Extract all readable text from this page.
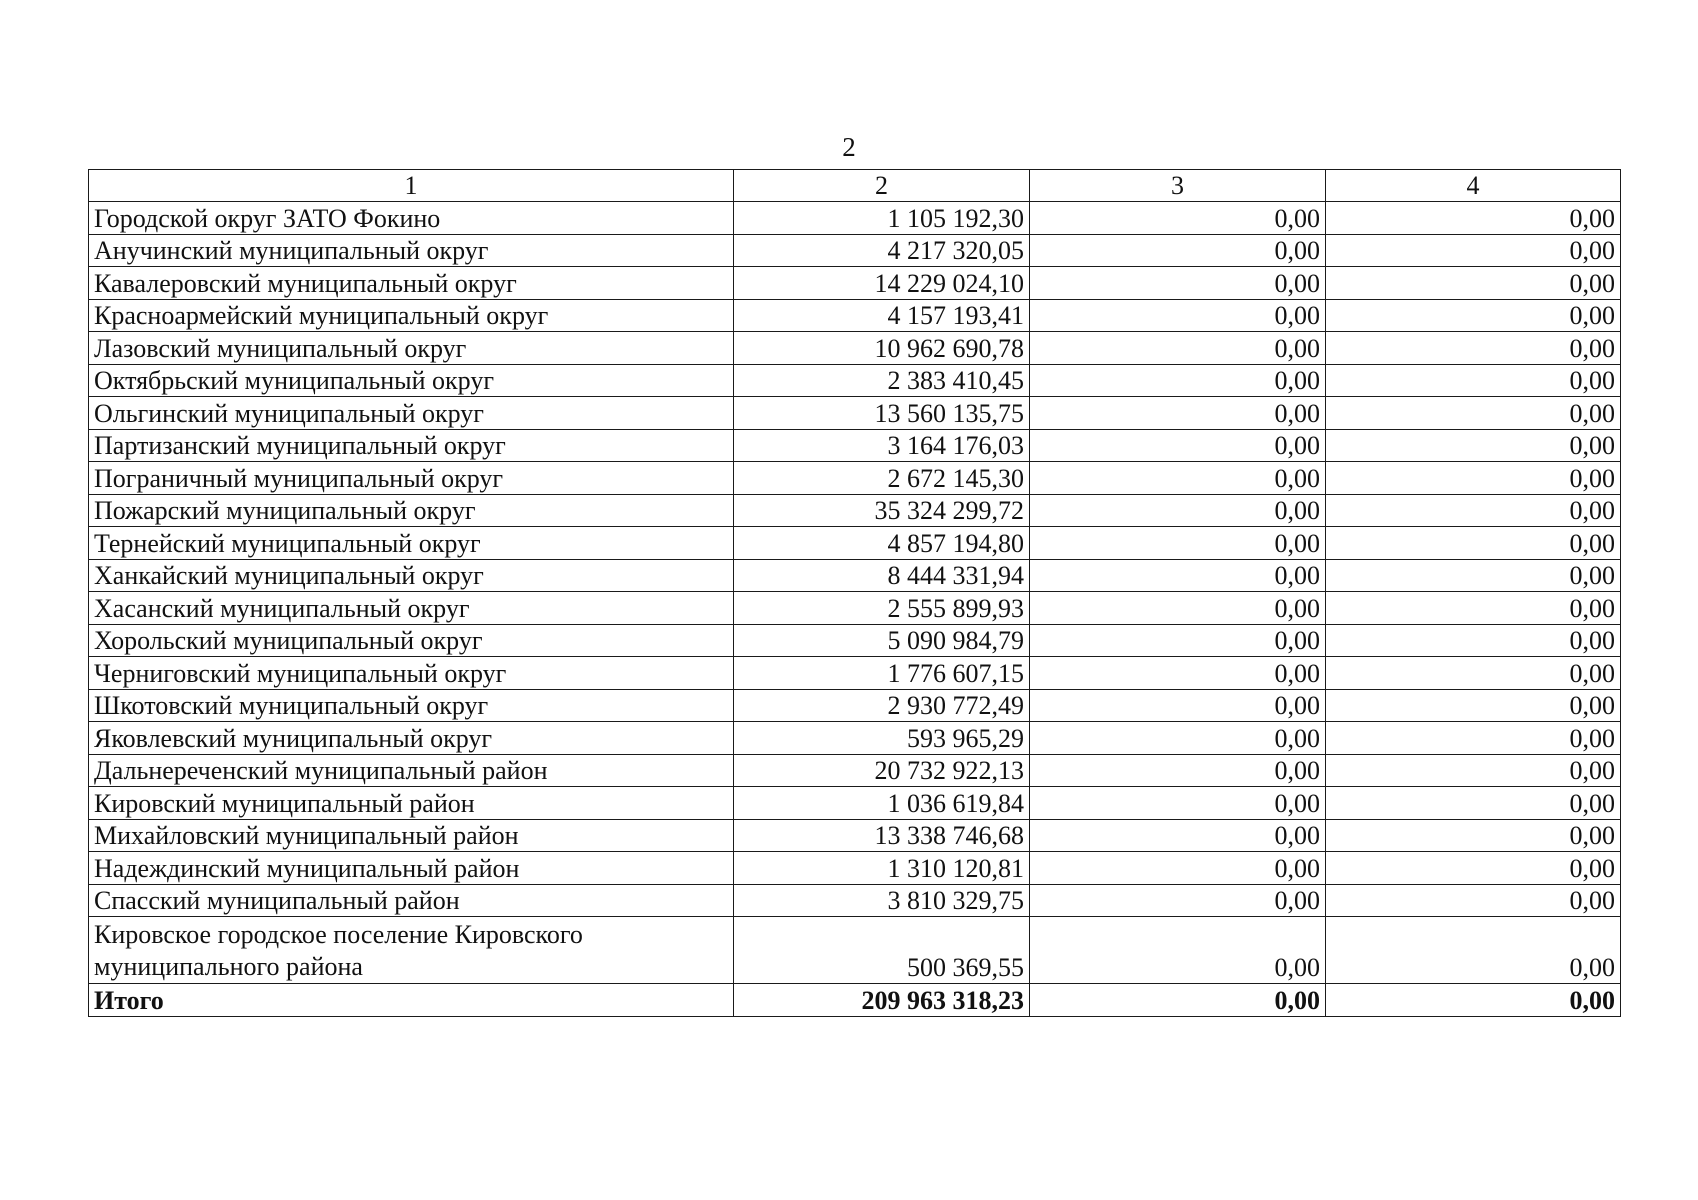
2
1	2	3	4
Городской округ ЗАТО Фокино	1 105 192,30	0,00	0,00
Анучинский муниципальный округ	4 217 320,05	0,00	0,00
Кавалеровский муниципальный округ	14 229 024,10	0,00	0,00
Красноармейский муниципальный округ	4 157 193,41	0,00	0,00
Лазовский муниципальный округ	10 962 690,78	0,00	0,00
Октябрьский муниципальный округ	2 383 410,45	0,00	0,00
Ольгинский муниципальный округ	13 560 135,75	0,00	0,00
Партизанский муниципальный округ	3 164 176,03	0,00	0,00
Пограничный муниципальный округ	2 672 145,30	0,00	0,00
Пожарский муниципальный округ	35 324 299,72	0,00	0,00
Тернейский муниципальный округ	4 857 194,80	0,00	0,00
Ханкайский муниципальный округ	8 444 331,94	0,00	0,00
Хасанский муниципальный округ	2 555 899,93	0,00	0,00
Хорольский муниципальный округ	5 090 984,79	0,00	0,00
Черниговский муниципальный округ	1 776 607,15	0,00	0,00
Шкотовский муниципальный округ	2 930 772,49	0,00	0,00
Яковлевский муниципальный округ	593 965,29	0,00	0,00
Дальнереченский муниципальный район	20 732 922,13	0,00	0,00
Кировский муниципальный район	1 036 619,84	0,00	0,00
Михайловский муниципальный район	13 338 746,68	0,00	0,00
Надеждинский муниципальный район	1 310 120,81	0,00	0,00
Спасский муниципальный район	3 810 329,75	0,00	0,00
Кировское городское поселение Кировского муниципального района	500 369,55	0,00	0,00
Итого	209 963 318,23	0,00	0,00
